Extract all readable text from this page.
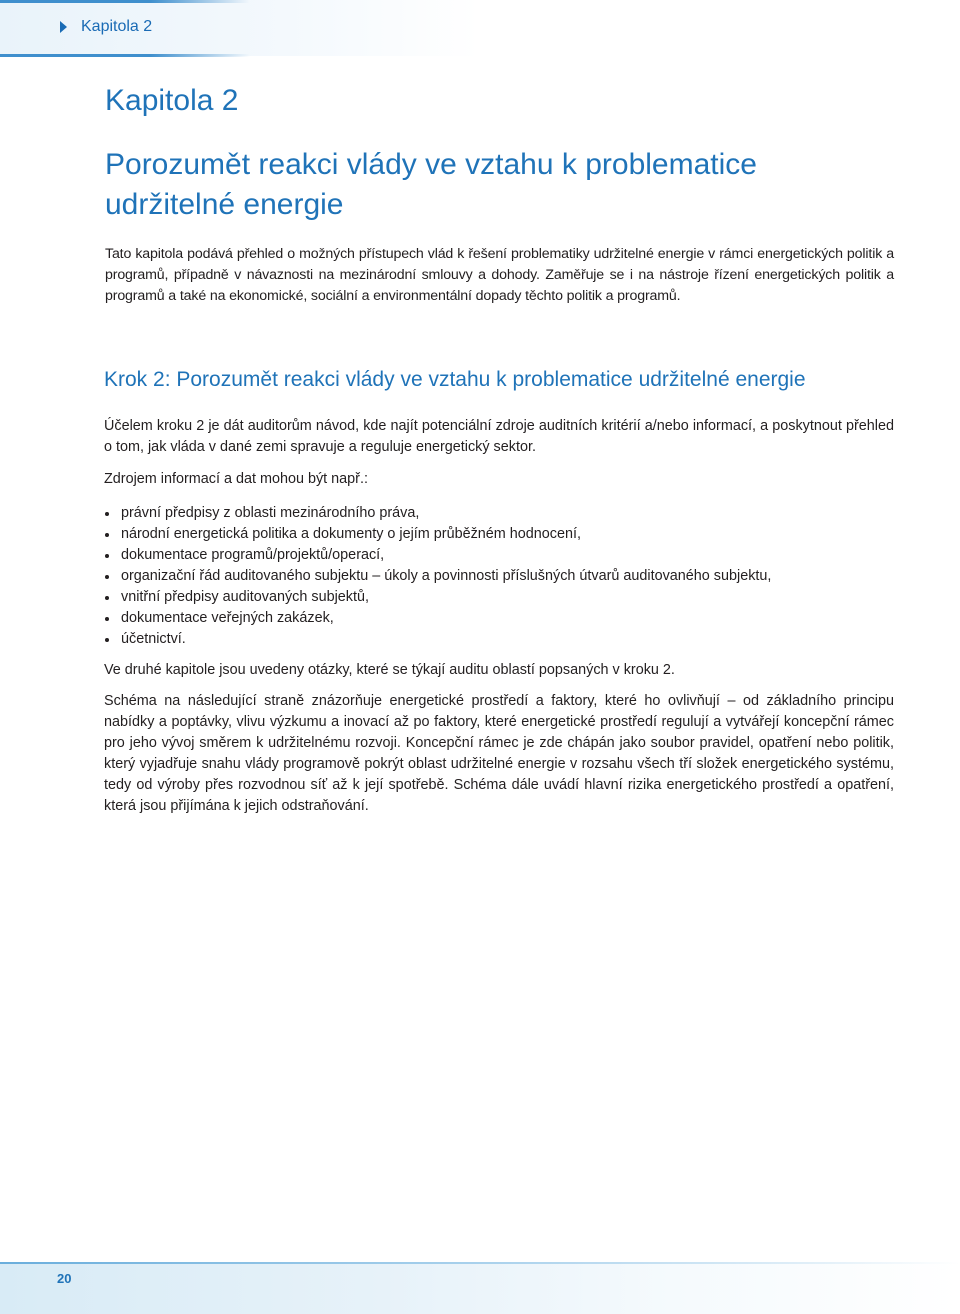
Kapitola 2
Kapitola 2
Porozumět reakci vlády ve vztahu k problematice udržitelné energie

Tato kapitola podává přehled o možných přístupech vlád k řešení problematiky udržitelné energie v rámci energetických politik a programů, případně v návaznosti na mezinárodní smlouvy a dohody. Zaměřuje se i na nástroje řízení energetických politik a programů a také na ekonomické, sociální a environmentální dopady těchto politik a programů.

Krok 2: Porozumět reakci vlády ve vztahu k problematice udržitelné energie

Účelem kroku 2 je dát auditorům návod, kde najít potenciální zdroje auditních kritérií a/nebo informací, a poskytnout přehled o tom, jak vláda v dané zemi spravuje a reguluje energetický sektor.

Zdrojem informací a dat mohou být např.:

právní předpisy z oblasti mezinárodního práva,
národní energetická politika a dokumenty o jejím průběžném hodnocení,
dokumentace programů/projektů/operací,
organizační řád auditovaného subjektu – úkoly a povinnosti příslušných útvarů auditovaného subjektu,
vnitřní předpisy auditovaných subjektů,
dokumentace veřejných zakázek,
účetnictví.

Ve druhé kapitole jsou uvedeny otázky, které se týkají auditu oblastí popsaných v kroku 2.

Schéma na následující straně znázorňuje energetické prostředí a faktory, které ho ovlivňují – od základního principu nabídky a poptávky, vlivu výzkumu a inovací až po faktory, které energetické prostředí regulují a vytvářejí koncepční rámec pro jeho vývoj směrem k udržitelnému rozvoji. Koncepční rámec je zde chápán jako soubor pravidel, opatření nebo politik, který vyjadřuje snahu vlády programově pokrýt oblast udržitelné energie v rozsahu všech tří složek energetického systému, tedy od výroby přes rozvodnou síť až k její spotřebě. Schéma dále uvádí hlavní rizika energetického prostředí a opatření, která jsou přijímána k jejich odstraňování.

20
